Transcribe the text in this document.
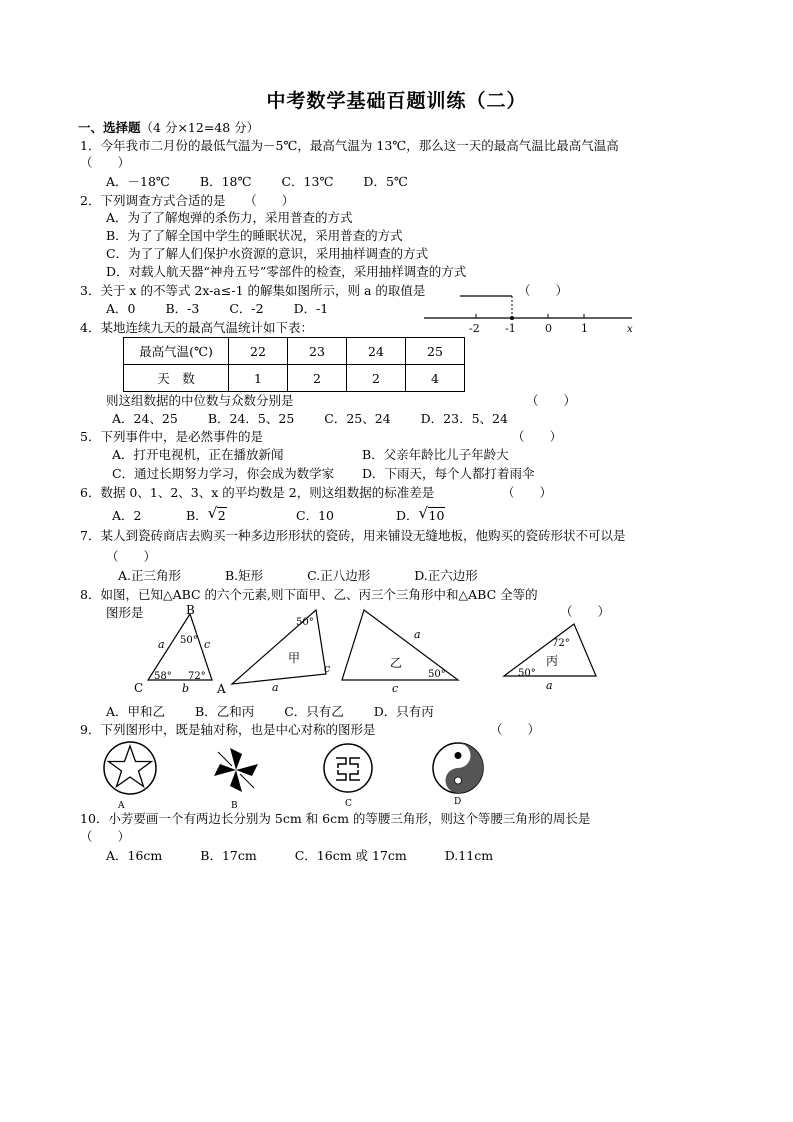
中考数学基础百题训练（二）
一、选择题（4 分×12=48 分）
1．今年我市二月份的最低气温为－5℃，最高气温为 13℃，那么这一天的最高气温比最高气温高
（　　）
A．－18℃ B．18℃ C．13℃ D．5℃
2．下列调查方式合适的是　　（　　）
A．为了了解炮弹的杀伤力，采用普查的方式
B．为了了解全国中学生的睡眠状况，采用普查的方式
C．为了了解人们保护水资源的意识，采用抽样调查的方式
D．对载人航天器“神舟五号”零部件的检查，采用抽样调查的方式
3．关于 x 的不等式 2x-a≤-1 的解集如图所示，则 a 的取值是	（　　）
A．0 B．-3 C．-2 D．-1
-2 -1	0	1	x
4．某地连续九天的最高气温统计如下表：
最高气温(℃)	22	23	24	25
天　数	1	2	2	4
则这组数据的中位数与众数分别是	（　　）
A．24、25 B．24．5、25 C．25、24 D．23．5、24
5．下列事件中，是必然事件的是	（　　）
A．打开电视机，正在播放新闻	B．父亲年龄比儿子年龄大
C．通过长期努力学习，你会成为数学家 D．下雨天，每个人都打着雨伞
6．数据 0、1、2、3、x 的平均数是 2，则这组数据的标准差是	（　　）
A．2	B． √ 2	C．10	D． √ 10
7．某人到瓷砖商店去购买一种多边形形状的瓷砖，用来铺设无缝地板，他购买的瓷砖形状不可以是
（　　）
A.正三角形	B.矩形	C.正八边形	D.正六边形
8．如图，已知△ABC 的六个元素,则下面甲、乙、丙三个三角形中和△ABC 全等的
图形是	（　　）
B
C	A
a
b
c
50°
58° 72°
甲
50°
a
c	乙
a
c
50°
丙
72°
50°
a
A．甲和乙 B．乙和丙 C．只有乙 D．只有丙
9．下列图形中，既是轴对称，也是中心对称的图形是	（　　）
A	B	C	D
10．小芳要画一个有两边长分别为 5cm 和 6cm 的等腰三角形，则这个等腰三角形的周长是
（　　）
A．16cm	B．17cm	C．16cm 或 17cm	D.11cm
